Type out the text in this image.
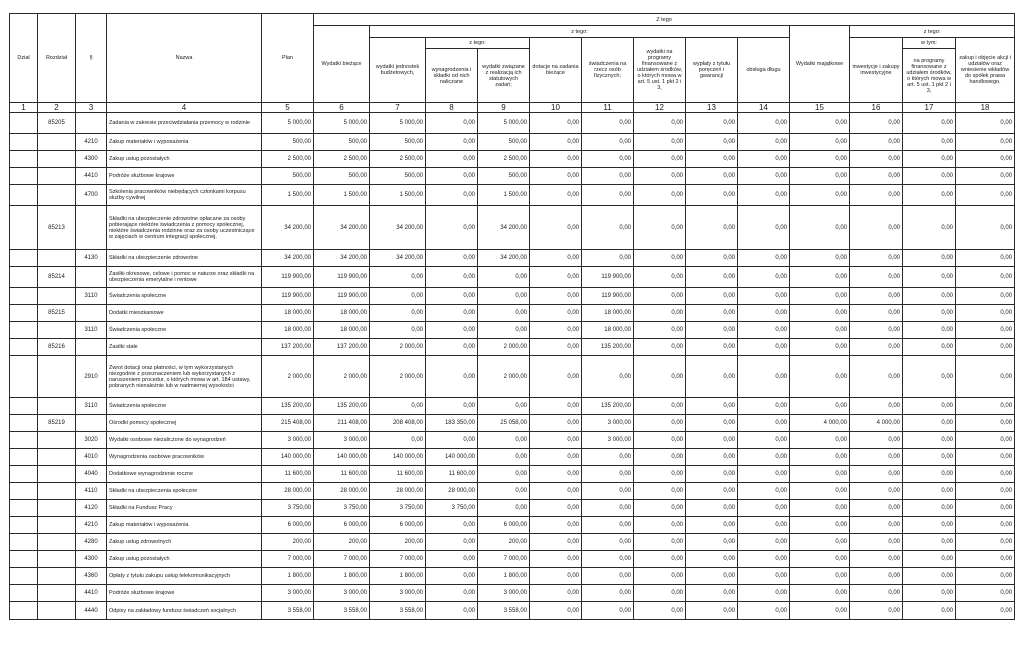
Dział	Rozdział	§	Nazwa	Plan	Z tego												
					Wydatki bieżące	z tego:								Wydatki majątkowe	z tego:		
						wydatki jednostek budżetowych,	z tego:		dotacje na zadania bieżące	świadczenia na rzecz osób fizycznych;	wydatki na programy finansowane z udziałem środków, o których mowa w art. 5 ust. 1 pkt 2 i 3,	wypłaty z tytułu poręczeń i gwarancji	obsługa długu		inwestycje i zakupy inwestycyjne	w tym:	zakup i objęcie akcji i udziałów oraz wniesienie wkładów do spółek prawa handlowego.
							wynagrodzenia i składki od nich naliczane	wydatki związane z realizacją ich statutowych zadań;								na programy finansowane z udziałem środków, o których mowa w art. 5 ust. 1 pkt 2 i 3,	
1	2	3	4	5	6	7	8	9	10	11	12	13	14	15	16	17	18
	85205		Zadania w zakresie przeciwdziałania przemocy w rodzinie	5 000,00	5 000,00	5 000,00	0,00	5 000,00	0,00	0,00	0,00	0,00	0,00	0,00	0,00	0,00	0,00
		4210	Zakup materiałów i wyposażenia	500,00	500,00	500,00	0,00	500,00	0,00	0,00	0,00	0,00	0,00	0,00	0,00	0,00	0,00
		4300	Zakup usług pozostałych	2 500,00	2 500,00	2 500,00	0,00	2 500,00	0,00	0,00	0,00	0,00	0,00	0,00	0,00	0,00	0,00
		4410	Podróże służbowe krajowe	500,00	500,00	500,00	0,00	500,00	0,00	0,00	0,00	0,00	0,00	0,00	0,00	0,00	0,00
		4700	Szkolenia pracowników niebędących członkami korpusu służby cywilnej	1 500,00	1 500,00	1 500,00	0,00	1 500,00	0,00	0,00	0,00	0,00	0,00	0,00	0,00	0,00	0,00
	85213		Składki na ubezpieczenie zdrowotne opłacane za osoby pobierające niektóre świadczenia z pomocy społecznej, niektóre świadczenia rodzinne oraz za osoby uczestniczące w zajęciach w centrum integracji społecznej.	34 200,00	34 200,00	34 200,00	0,00	34 200,00	0,00	0,00	0,00	0,00	0,00	0,00	0,00	0,00	0,00
		4130	Składki na ubezpieczenie zdrowotne	34 200,00	34 200,00	34 200,00	0,00	34 200,00	0,00	0,00	0,00	0,00	0,00	0,00	0,00	0,00	0,00
	85214		Zasiłki okresowe, celowe i pomoc w naturze oraz składki na ubezpieczenia emerytalne i rentowe	119 900,00	119 900,00	0,00	0,00	0,00	0,00	119 900,00	0,00	0,00	0,00	0,00	0,00	0,00	0,00
		3110	Świadczenia społeczne	119 900,00	119 900,00	0,00	0,00	0,00	0,00	119 900,00	0,00	0,00	0,00	0,00	0,00	0,00	0,00
	85215		Dodatki mieszkaniowe	18 000,00	18 000,00	0,00	0,00	0,00	0,00	18 000,00	0,00	0,00	0,00	0,00	0,00	0,00	0,00
		3110	Świadczenia społeczne	18 000,00	18 000,00	0,00	0,00	0,00	0,00	18 000,00	0,00	0,00	0,00	0,00	0,00	0,00	0,00
	85216		Zasiłki stałe	137 200,00	137 200,00	2 000,00	0,00	2 000,00	0,00	135 200,00	0,00	0,00	0,00	0,00	0,00	0,00	0,00
		2910	Zwrot dotacji oraz płatności, w tym wykorzystanych niezgodnie z przeznaczeniem lub wykorzystanych z naruszeniem procedur, o których mowa w art. 184 ustawy, pobranych nienależnie lub w nadmiernej wysokości	2 000,00	2 000,00	2 000,00	0,00	2 000,00	0,00	0,00	0,00	0,00	0,00	0,00	0,00	0,00	0,00
		3110	Świadczenia społeczne	135 200,00	135 200,00	0,00	0,00	0,00	0,00	135 200,00	0,00	0,00	0,00	0,00	0,00	0,00	0,00
	85219		Ośrodki pomocy społecznej	215 408,00	211 408,00	208 408,00	183 350,00	25 058,00	0,00	3 000,00	0,00	0,00	0,00	4 000,00	4 000,00	0,00	0,00
		3020	Wydatki osobowe niezaliczone do wynagrodzeń	3 000,00	3 000,00	0,00	0,00	0,00	0,00	3 000,00	0,00	0,00	0,00	0,00	0,00	0,00	0,00
		4010	Wynagrodzenia osobowe pracowników	140 000,00	140 000,00	140 000,00	140 000,00	0,00	0,00	0,00	0,00	0,00	0,00	0,00	0,00	0,00	0,00
		4040	Dodatkowe wynagrodzenie roczne	11 600,00	11 600,00	11 600,00	11 600,00	0,00	0,00	0,00	0,00	0,00	0,00	0,00	0,00	0,00	0,00
		4110	Składki na ubezpieczenia społeczne	28 000,00	28 000,00	28 000,00	28 000,00	0,00	0,00	0,00	0,00	0,00	0,00	0,00	0,00	0,00	0,00
		4120	Składki na Fundusz Pracy	3 750,00	3 750,00	3 750,00	3 750,00	0,00	0,00	0,00	0,00	0,00	0,00	0,00	0,00	0,00	0,00
		4210	Zakup materiałów i wyposażenia	6 000,00	6 000,00	6 000,00	0,00	6 000,00	0,00	0,00	0,00	0,00	0,00	0,00	0,00	0,00	0,00
		4280	Zakup usług zdrowotnych	200,00	200,00	200,00	0,00	200,00	0,00	0,00	0,00	0,00	0,00	0,00	0,00	0,00	0,00
		4300	Zakup usług pozostałych	7 000,00	7 000,00	7 000,00	0,00	7 000,00	0,00	0,00	0,00	0,00	0,00	0,00	0,00	0,00	0,00
		4360	Opłaty z tytułu zakupu usług telekomunikacyjnych	1 800,00	1 800,00	1 800,00	0,00	1 800,00	0,00	0,00	0,00	0,00	0,00	0,00	0,00	0,00	0,00
		4410	Podróże służbowe krajowe	3 000,00	3 000,00	3 000,00	0,00	3 000,00	0,00	0,00	0,00	0,00	0,00	0,00	0,00	0,00	0,00
		4440	Odpisy na zakładowy fundusz świadczeń socjalnych	3 558,00	3 558,00	3 558,00	0,00	3 558,00	0,00	0,00	0,00	0,00	0,00	0,00	0,00	0,00	0,00
